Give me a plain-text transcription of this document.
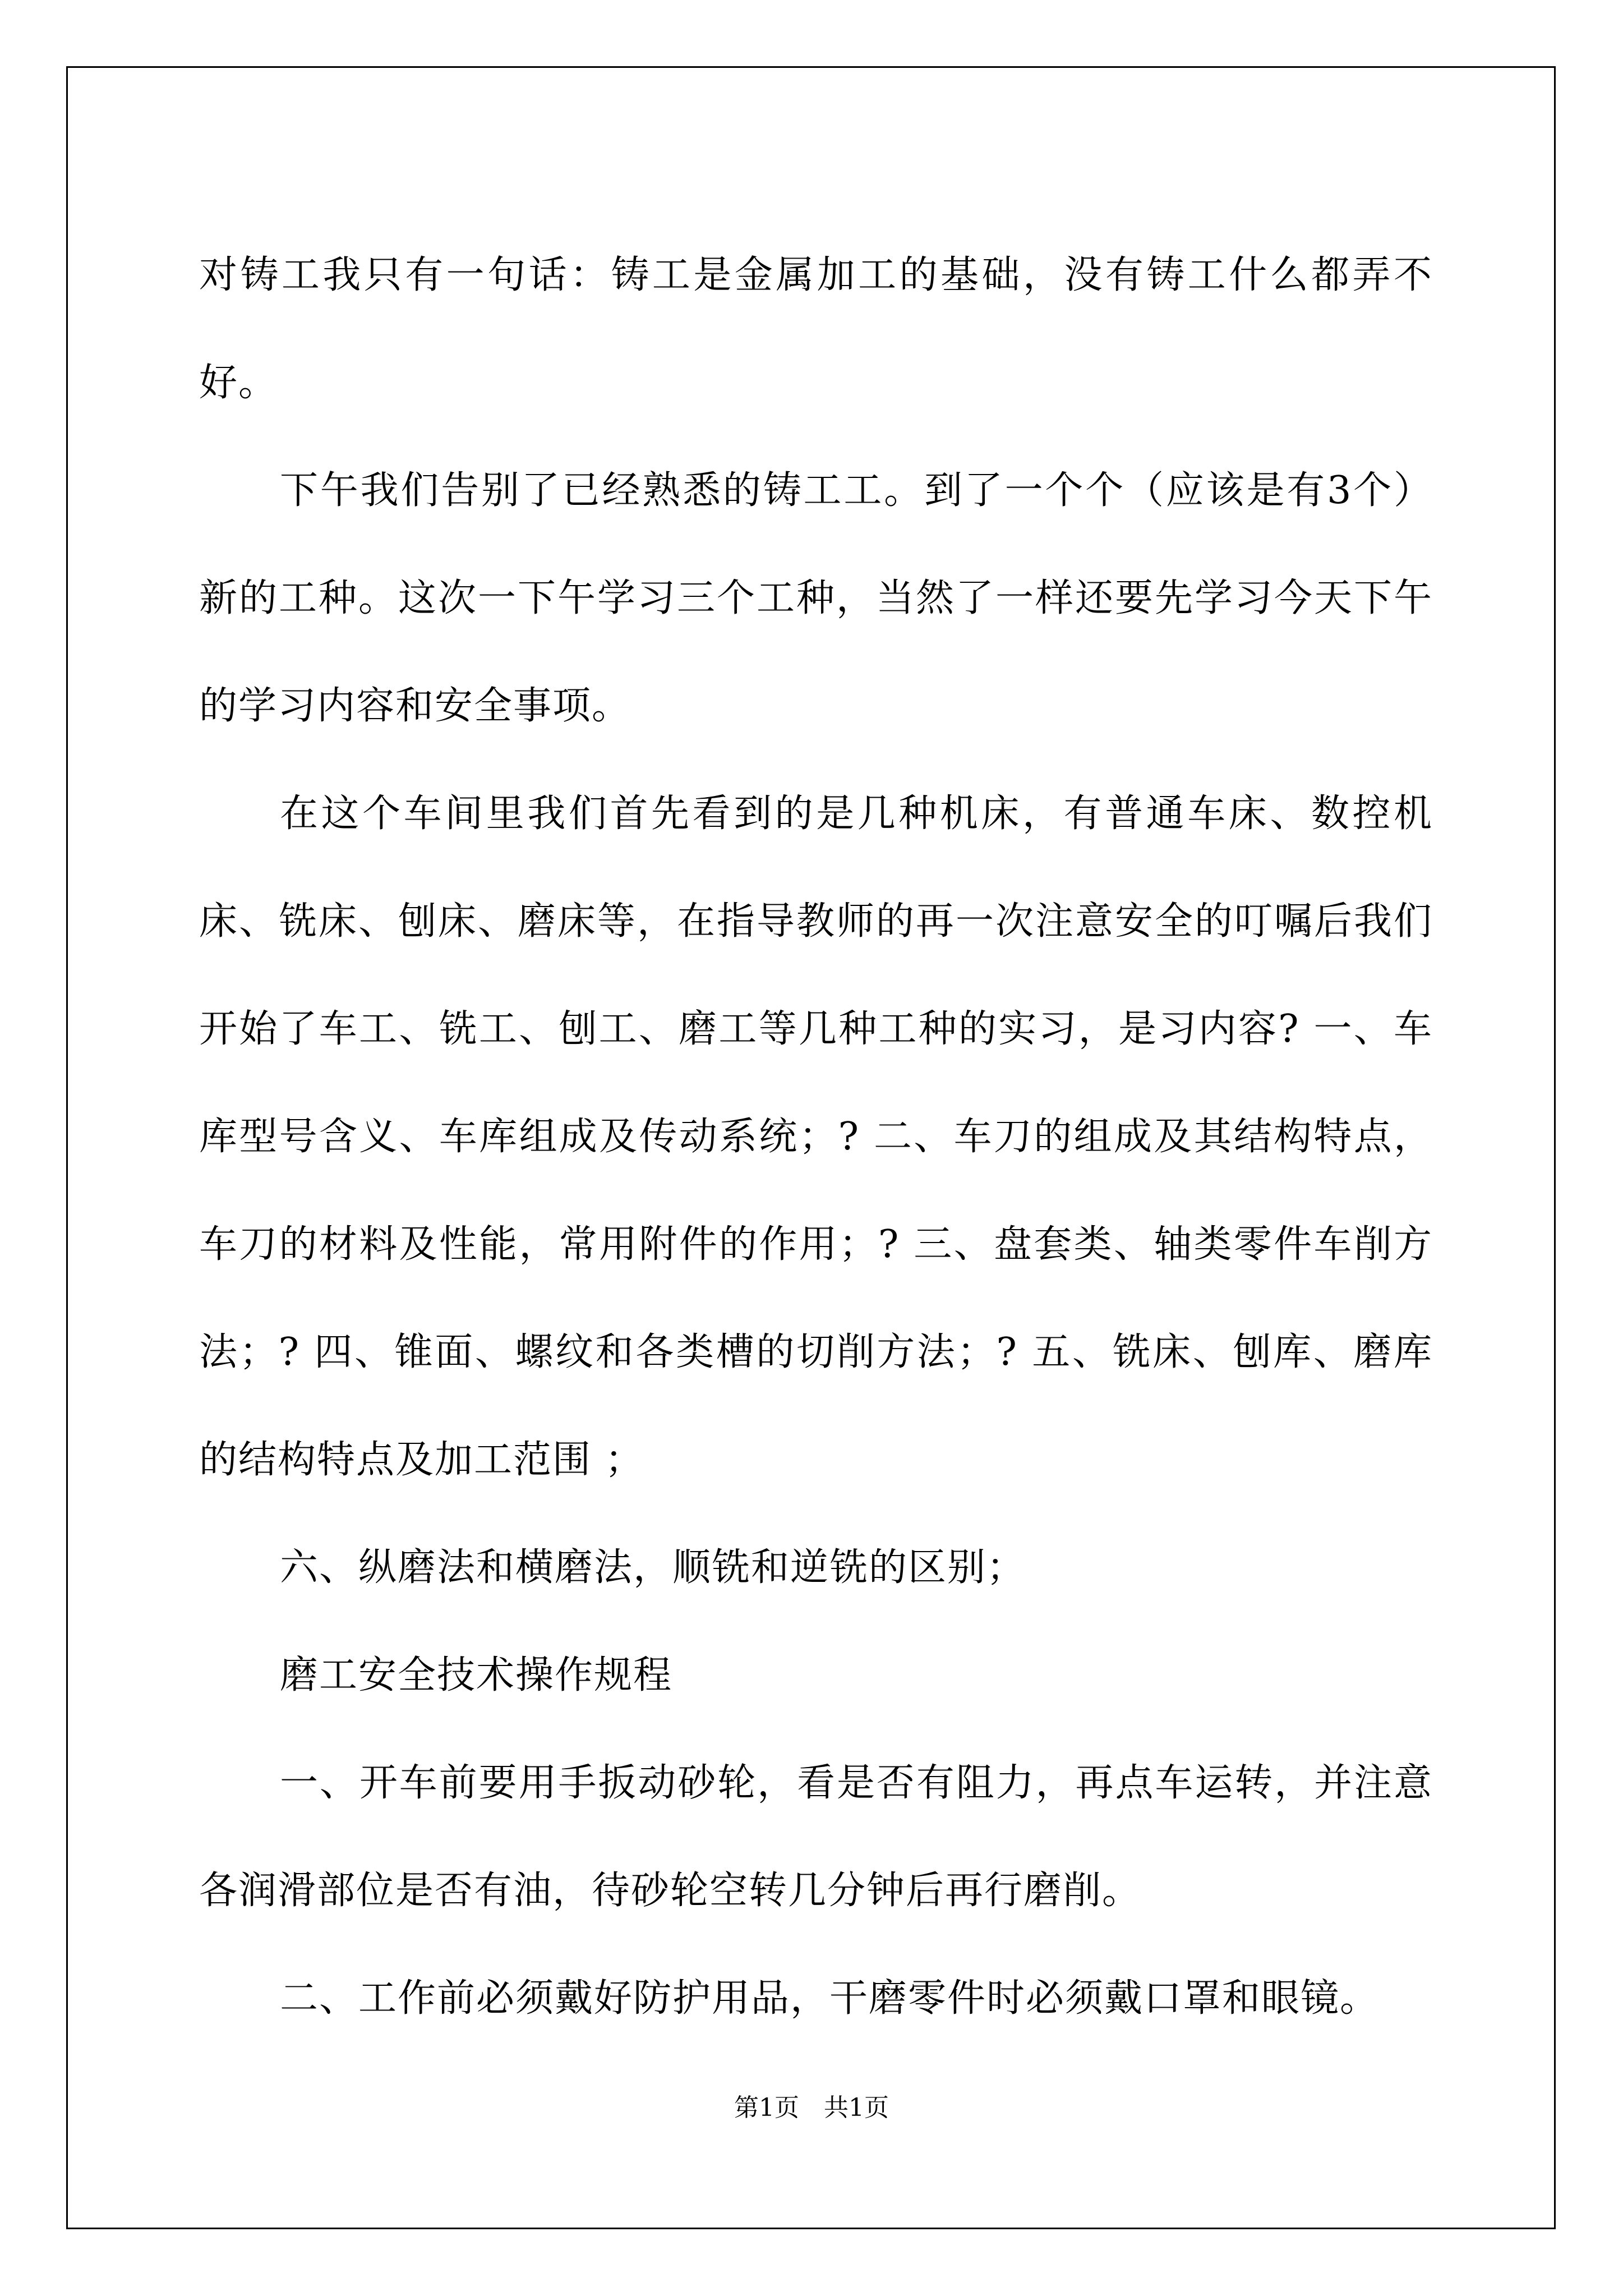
对铸工我只有一句话：铸工是金属加工的基础，没有铸工什么都弄不好。

下午我们告别了已经熟悉的铸工工。到了一个个（应该是有3个）新的工种。这次一下午学习三个工种，当然了一样还要先学习今天下午的学习内容和安全事项。

在这个车间里我们首先看到的是几种机床，有普通车床、数控机床、铣床、刨床、磨床等，在指导教师的再一次注意安全的叮嘱后我们开始了车工、铣工、刨工、磨工等几种工种的实习，是习内容? 一、车库型号含义、车库组成及传动系统；? 二、车刀的组成及其结构特点，车刀的材料及性能，常用附件的作用；? 三、盘套类、轴类零件车削方法；? 四、锥面、螺纹和各类槽的切削方法；? 五、铣床、刨库、磨库的结构特点及加工范围 ；

六、纵磨法和横磨法，顺铣和逆铣的区别；

磨工安全技术操作规程

一、开车前要用手扳动砂轮，看是否有阻力，再点车运转，并注意各润滑部位是否有油，待砂轮空转几分钟后再行磨削。

二、工作前必须戴好防护用品，干磨零件时必须戴口罩和眼镜。

第1页 共1页
